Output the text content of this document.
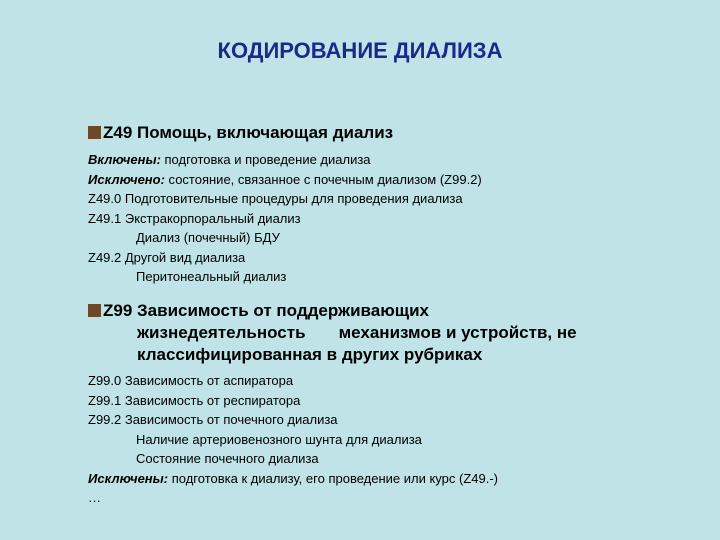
КОДИРОВАНИЕ ДИАЛИЗА
Z49 Помощь, включающая диализ
Включены: подготовка и проведение диализа
Исключено: состояние, связанное с почечным диализом (Z99.2)
Z49.0 Подготовительные процедуры для проведения диализа
Z49.1 Экстракорпоральный диализ
Диализ (почечный) БДУ
Z49.2 Другой вид диализа
Перитонеальный диализ
Z99 Зависимость от поддерживающих
жизнедеятельность       механизмов и устройств, не
классифицированная в других рубриках
Z99.0 Зависимость от аспиратора
Z99.1 Зависимость от респиратора
Z99.2 Зависимость от почечного диализа
Наличие артериовенозного шунта для диализа
Состояние почечного диализа
Исключены: подготовка к диализу, его проведение или курс (Z49.-)
…
